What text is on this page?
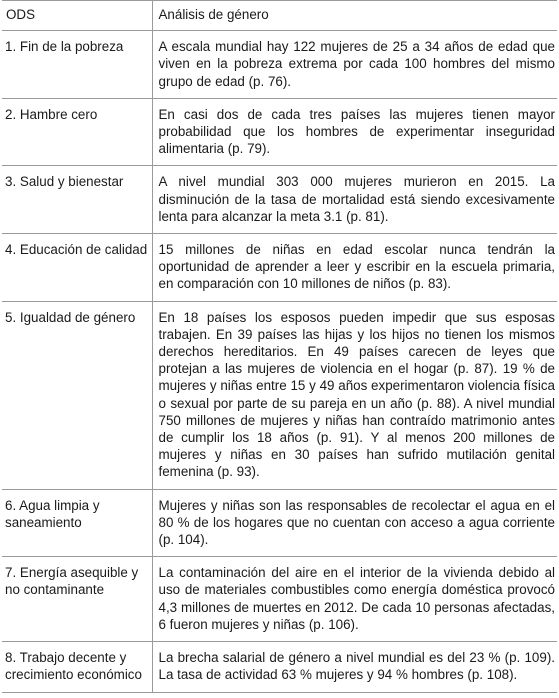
ODS	Análisis de género
1. Fin de la pobreza	A escala mundial hay 122 mujeres de 25 a 34 años de edad que viven en la pobreza extrema por cada 100 hombres del mismo grupo de edad (p. 76).
2. Hambre cero	En casi dos de cada tres países las mujeres tienen mayor probabilidad que los hombres de experimentar inseguridad alimentaria (p. 79).
3. Salud y bienestar	A nivel mundial 303 000 mujeres murieron en 2015. La disminución de la tasa de mortalidad está siendo excesivamente lenta para alcanzar la meta 3.1 (p. 81).
4. Educación de calidad	15 millones de niñas en edad escolar nunca tendrán la oportunidad de aprender a leer y escribir en la escuela primaria, en comparación con 10 millones de niños (p. 83).
5. Igualdad de género	En 18 países los esposos pueden impedir que sus esposas trabajen. En 39 países las hijas y los hijos no tienen los mismos derechos hereditarios. En 49 países carecen de leyes que protejan a las mujeres de violencia en el hogar (p. 87). 19 % de mujeres y niñas entre 15 y 49 años experimentaron violencia física o sexual por parte de su pareja en un año (p. 88). A nivel mundial 750 millones de mujeres y niñas han contraído matrimonio antes de cumplir los 18 años (p. 91). Y al menos 200 millones de mujeres y niñas en 30 países han sufrido mutilación genital femenina (p. 93).
6. Agua limpia y saneamiento	Mujeres y niñas son las responsables de recolectar el agua en el 80 % de los hogares que no cuentan con acceso a agua corriente (p. 104).
7. Energía asequible y no contaminante	La contaminación del aire en el interior de la vivienda debido al uso de materiales combustibles como energía doméstica provocó 4,3 millones de muertes en 2012. De cada 10 personas afectadas, 6 fueron mujeres y niñas (p. 106).
8. Trabajo decente y crecimiento económico	La brecha salarial de género a nivel mundial es del 23 % (p. 109). La tasa de actividad 63 % mujeres y 94 % hombres (p. 108).
